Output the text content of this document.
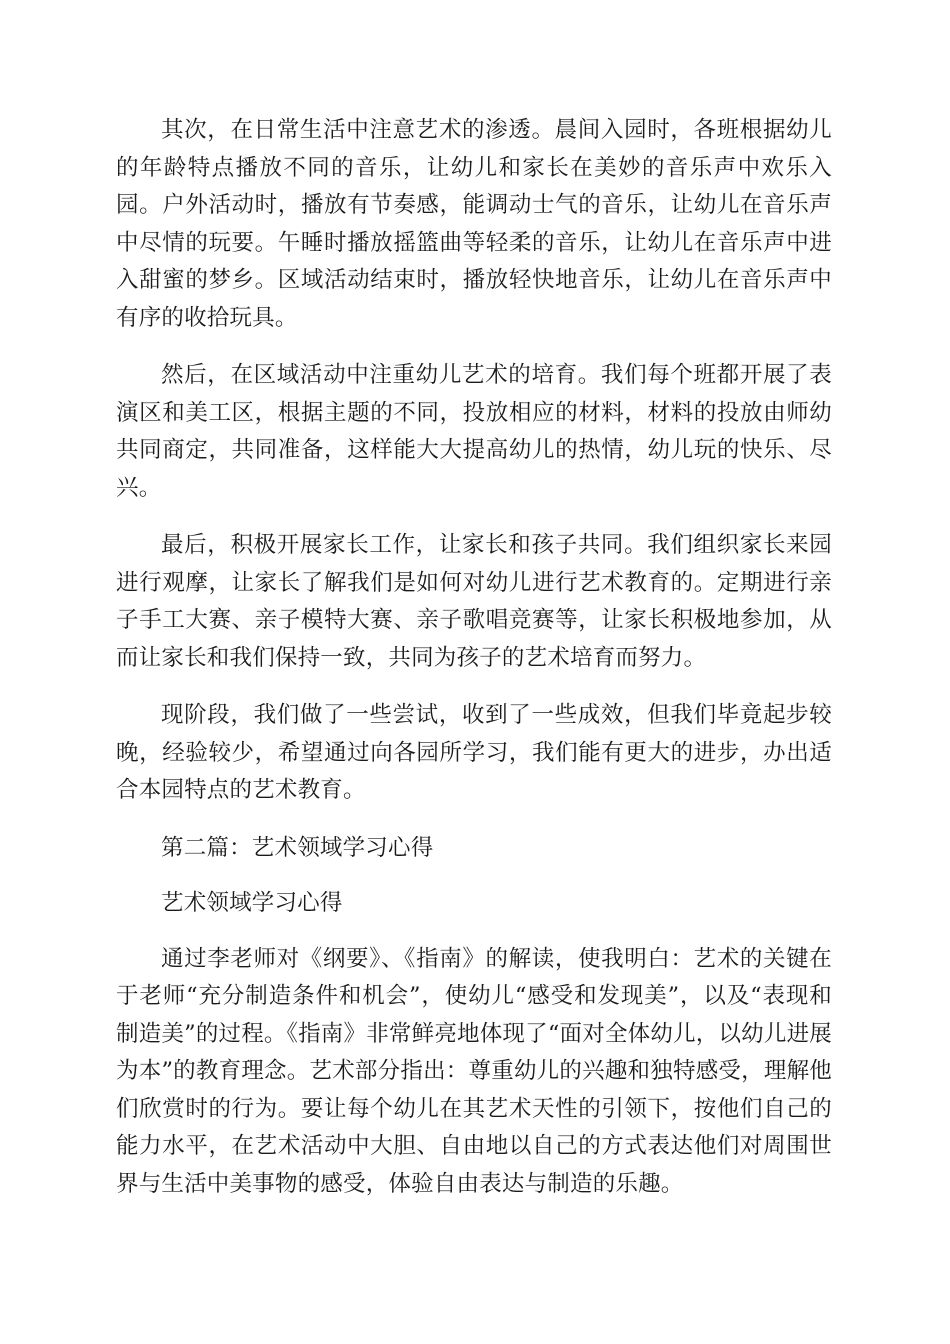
其次，在日常生活中注意艺术的渗透。晨间入园时，各班根据幼儿的年龄特点播放不同的音乐，让幼儿和家长在美妙的音乐声中欢乐入园。户外活动时，播放有节奏感，能调动士气的音乐，让幼儿在音乐声中尽情的玩要。午睡时播放摇篮曲等轻柔的音乐，让幼儿在音乐声中进入甜蜜的梦乡。区域活动结束时，播放轻快地音乐，让幼儿在音乐声中有序的收拾玩具。

然后，在区域活动中注重幼儿艺术的培育。我们每个班都开展了表演区和美工区，根据主题的不同，投放相应的材料，材料的投放由师幼共同商定，共同准备，这样能大大提高幼儿的热情，幼儿玩的快乐、尽兴。

最后，积极开展家长工作，让家长和孩子共同。我们组织家长来园进行观摩，让家长了解我们是如何对幼儿进行艺术教育的。定期进行亲子手工大赛、亲子模特大赛、亲子歌唱竞赛等，让家长积极地参加，从而让家长和我们保持一致，共同为孩子的艺术培育而努力。

现阶段，我们做了一些尝试，收到了一些成效，但我们毕竟起步较晚，经验较少，希望通过向各园所学习，我们能有更大的进步，办出适合本园特点的艺术教育。

第二篇：艺术领域学习心得

艺术领域学习心得

通过李老师对《纲要》、《指南》的解读，使我明白：艺术的关键在于老师“充分制造条件和机会”，使幼儿“感受和发现美”，以及“表现和制造美”的过程。《指南》非常鲜亮地体现了“面对全体幼儿，以幼儿进展为本”的教育理念。艺术部分指出：尊重幼儿的兴趣和独特感受，理解他们欣赏时的行为。要让每个幼儿在其艺术天性的引领下，按他们自己的能力水平，在艺术活动中大胆、自由地以自己的方式表达他们对周围世界与生活中美事物的感受，体验自由表达与制造的乐趣。
